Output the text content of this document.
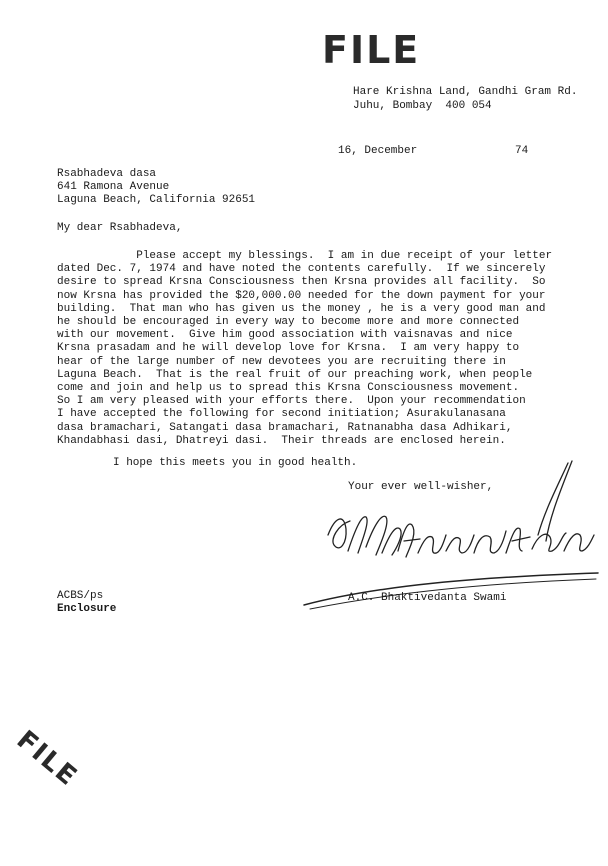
FILE
Hare Krishna Land, Gandhi Gram Rd.
Juhu, Bombay  400 054
16, December	74
Rsabhadeva dasa
641 Ramona Avenue
Laguna Beach, California 92651
My dear Rsabhadeva,
Please accept my blessings.  I am in due receipt of your letter
dated Dec. 7, 1974 and have noted the contents carefully.  If we sincerely
desire to spread Krsna Consciousness then Krsna provides all facility.  So
now Krsna has provided the $20,000.00 needed for the down payment for your
building.  That man who has given us the money , he is a very good man and
he should be encouraged in every way to become more and more connected
with our movement.  Give him good association with vaisnavas and nice
Krsna prasadam and he will develop love for Krsna.  I am very happy to
hear of the large number of new devotees you are recruiting there in
Laguna Beach.  That is the real fruit of our preaching work, when people
come and join and help us to spread this Krsna Consciousness movement.
So I am very pleased with your efforts there.  Upon your recommendation
I have accepted the following for second initiation; Asurakulanasana
dasa bramachari, Satangati dasa bramachari, Ratnanabha dasa Adhikari,
Khandabhasi dasi, Dhatreyi dasi.  Their threads are enclosed herein.
I hope this meets you in good health.
Your ever well-wisher,
A.C. Bhaktivedanta Swami
ACBS/ps
Enclosure
FILE
